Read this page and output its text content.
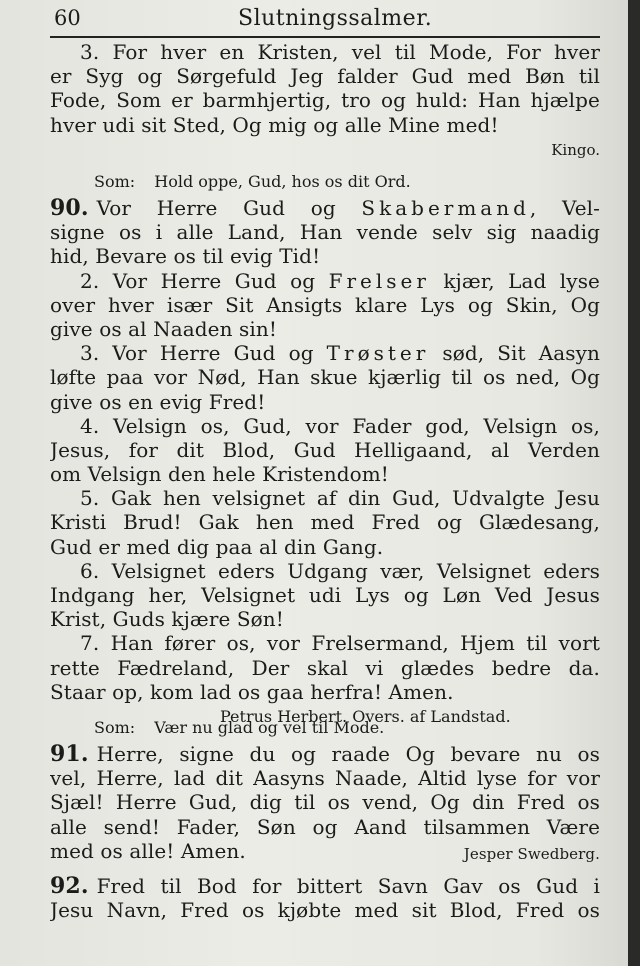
60	Slutningssalmer.
3. For hver en Kristen, vel til Mode, For hver
er Syg og Sørgefuld Jeg falder Gud med Bøn til
Fode, Som er barmhjertig, tro og huld: Han hjælpe
hver udi sit Sted, Og mig og alle Mine med!
Kingo.
Som: Hold oppe, Gud, hos os dit Ord.
90. Vor Herre Gud og Skabermand, Vel-
signe os i alle Land, Han vende selv sig naadig
hid, Bevare os til evig Tid!
2. Vor Herre Gud og Frelser kjær, Lad lyse
over hver især Sit Ansigts klare Lys og Skin, Og
give os al Naaden sin!
3. Vor Herre Gud og Trøster sød, Sit Aasyn
løfte paa vor Nød, Han skue kjærlig til os ned, Og
give os en evig Fred!
4. Velsign os, Gud, vor Fader god, Velsign os,
Jesus, for dit Blod, Gud Helligaand, al Verden
om Velsign den hele Kristendom!
5. Gak hen velsignet af din Gud, Udvalgte Jesu
Kristi Brud! Gak hen med Fred og Glædesang,
Gud er med dig paa al din Gang.
6. Velsignet eders Udgang vær, Velsignet eders
Indgang her, Velsignet udi Lys og Løn Ved Jesus
Krist, Guds kjære Søn!
7. Han fører os, vor Frelsermand, Hjem til vort
rette Fædreland, Der skal vi glædes bedre da.
Staar op, kom lad os gaa herfra! Amen.
Petrus Herbert. Overs. af Landstad.
Som: Vær nu glad og vel til Mode.
91. Herre, signe du og raade Og bevare nu os
vel, Herre, lad dit Aasyns Naade, Altid lyse for vor
Sjæl! Herre Gud, dig til os vend, Og din Fred os
alle send! Fader, Søn og Aand tilsammen Være
med os alle! Amen.	Jesper Swedberg.
92. Fred til Bod for bittert Savn Gav os Gud i
Jesu Navn, Fred os kjøbte med sit Blod, Fred os
